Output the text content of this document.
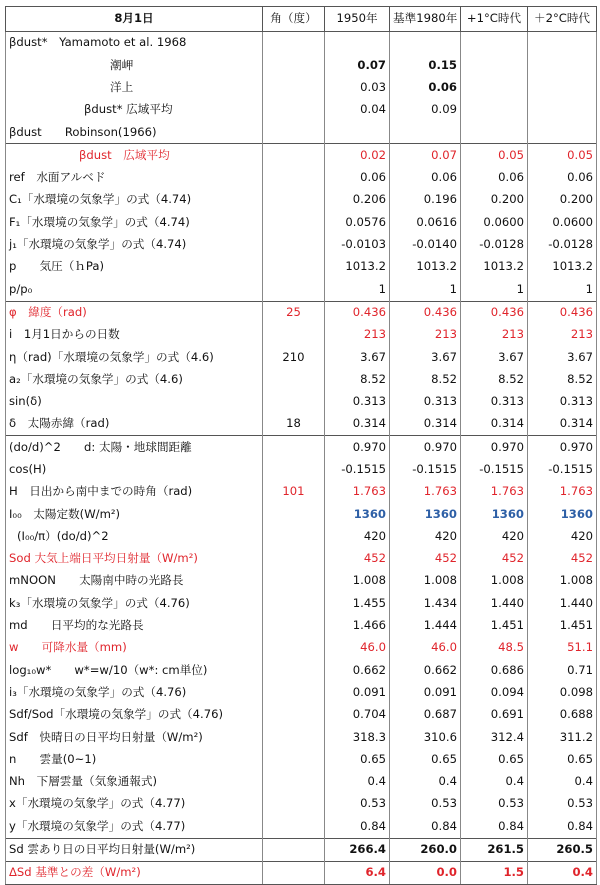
8月1日	角（度）	1950年	基準1980年	+1°C時代	＋2°C時代
βdust*　Yamamoto et al. 1968					
潮岬		0.07	0.15		
洋上		0.03	0.06		
βdust* 広域平均		0.04	0.09		
βdust　　Robinson(1966)					
βdust　広域平均		0.02	0.07	0.05	0.05
ref　水面アルベド		0.06	0.06	0.06	0.06
C₁「水環境の気象学」の式（4.74)		0.206	0.196	0.200	0.200
F₁「水環境の気象学」の式（4.74)		0.0576	0.0616	0.0600	0.0600
j₁「水環境の気象学」の式（4.74)		-0.0103	-0.0140	-0.0128	-0.0128
p　　気圧（ｈPa)		1013.2	1013.2	1013.2	1013.2
p/p₀		1	1	1	1
φ　緯度（rad)	25	0.436	0.436	0.436	0.436
i　1月1日からの日数		213	213	213	213
η（rad)「水環境の気象学」の式（4.6)	210	3.67	3.67	3.67	3.67
a₂「水環境の気象学」の式（4.6)		8.52	8.52	8.52	8.52
sin(δ)		0.313	0.313	0.313	0.313
δ　太陽赤緯（rad)	18	0.314	0.314	0.314	0.314
(do/d)^2　　d: 太陽・地球間距離		0.970	0.970	0.970	0.970
cos(H)		-0.1515	-0.1515	-0.1515	-0.1515
H　日出から南中までの時角（rad)	101	1.763	1.763	1.763	1.763
I₀₀　太陽定数(W/m²)		1360	1360	1360	1360
(I₀₀/π）(do/d)^2		420	420	420	420
Sod 大気上端日平均日射量（W/m²)		452	452	452	452
mNOON　　太陽南中時の光路長		1.008	1.008	1.008	1.008
k₃「水環境の気象学」の式（4.76)		1.455	1.434	1.440	1.440
md　　日平均的な光路長		1.466	1.444	1.451	1.451
w　　可降水量（mm)		46.0	46.0	48.5	51.1
log₁₀w*　　w*=w/10（w*: cm単位)		0.662	0.662	0.686	0.71
i₃「水環境の気象学」の式（4.76)		0.091	0.091	0.094	0.098
Sdf/Sod「水環境の気象学」の式（4.76)		0.704	0.687	0.691	0.688
Sdf　快晴日の日平均日射量（W/m²)		318.3	310.6	312.4	311.2
n　　雲量(0~1)		0.65	0.65	0.65	0.65
Nh　下層雲量（気象通報式)		0.4	0.4	0.4	0.4
x「水環境の気象学」の式（4.77)		0.53	0.53	0.53	0.53
y「水環境の気象学」の式（4.77)		0.84	0.84	0.84	0.84
Sd 雲あり日の日平均日射量(W/m²)		266.4	260.0	261.5	260.5
ΔSd 基準との差（W/m²)		6.4	0.0	1.5	0.4
